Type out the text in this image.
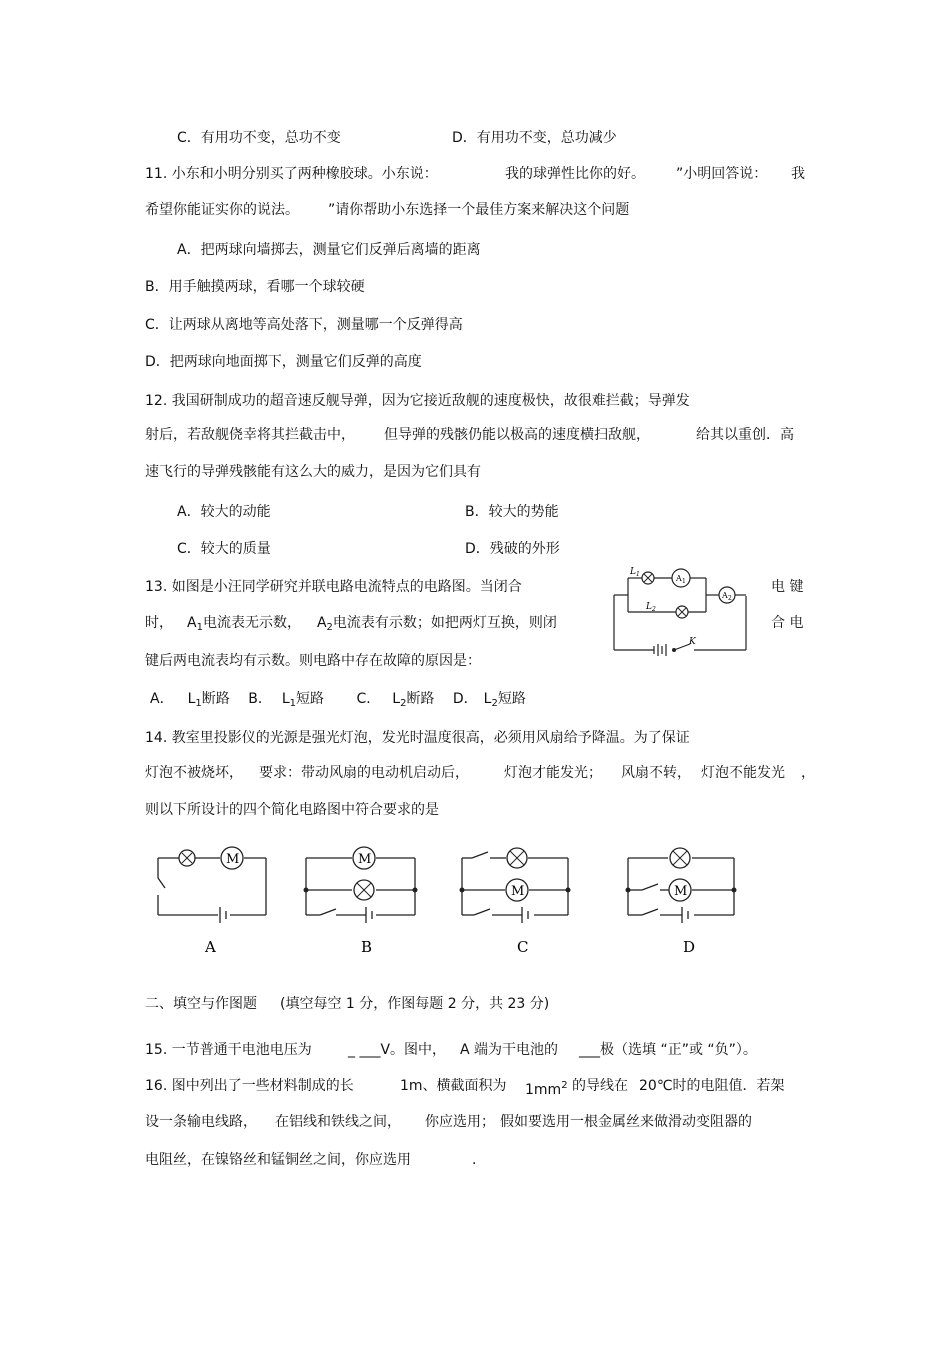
C．有用功不变，总功不变	D．有用功不变，总功减少
11. 小东和小明分别买了两种橡胶球。小东说：	我的球弹性比你的好。 ”小明回答说： 我
希望你能证实你的说法。 ”请你帮助小东选择一个最佳方案来解决这个问题
A．把两球向墙掷去，测量它们反弹后离墙的距离
B．用手触摸两球，看哪一个球较硬
C．让两球从离地等高处落下，测量哪一个反弹得高
D．把两球向地面掷下，测量它们反弹的高度
12. 我国研制成功的超音速反舰导弹，因为它接近敌舰的速度极快，故很难拦截；导弹发
射后，若敌舰侥幸将其拦截击中， 但导弹的残骸仍能以极高的速度横扫敌舰，	给其以重创．高
速飞行的导弹残骸能有这么大的威力，是因为它们具有
A．较大的动能	B．较大的势能
C．较大的质量	D．残破的外形
13. 如图是小汪同学研究并联电路电流特点的电路图。当闭合	电 键
时， $A_1$电流表无示数， $A_2$电流表有示数；如把两灯互换，则闭	合 电
键后两电流表均有示数。则电路中存在故障的原因是：
A． $L_1$断路 B． $L_1$短路 C． $L_2$断路 D． $L_2$短路
A 1
A 2
$L_1$
$L_2$
K
14. 教室里投影仪的光源是强光灯泡，发光时温度很高，必须用风扇给予降温。为了保证
灯泡不被烧坏， 要求：带动风扇的电动机启动后，	灯泡才能发光； 风扇不转， 灯泡不能发光 ，
则以下所设计的四个简化电路图中符合要求的是
M	M
M	M
A	B	C	D
二、填空与作图题 (填空每空 1 分，作图每题 2 分，共 23 分)
15. 一节普通干电池电压为	_ ___V。图中， A 端为干电池的 ___极（选填 “正”或 “负”）。
16. 图中列出了一些材料制成的长	1m、横截面积为 $1mm^2$ 的导线在 20℃时的电阻值．若架
设一条输电线路， 在铝线和铁线之间， 你应选用； 假如要选用一根金属丝来做滑动变阻器的
电阻丝，在镍铬丝和锰铜丝之间，你应选用	.
